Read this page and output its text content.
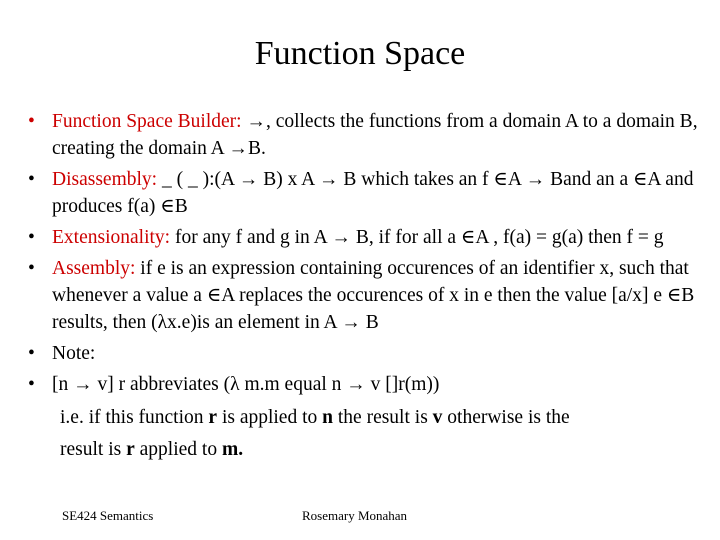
Function Space
• Function Space Builder: →, collects the functions from a domain A to a domain B, creating the domain A →B.
• Disassembly: _ ( _ ):(A → B) x A → B which takes an f ∈A → Band an a ∈A and produces f(a) ∈B
• Extensionality: for any f and g in A → B, if for all a ∈A , f(a) = g(a) then f = g
• Assembly: if e is an expression containing occurences of an identifier x, such that whenever a value a ∈A replaces the occurences of x in e then the value [a/x] e ∈B results, then (λx.e)is an element in A → B
• Note:
• [n → v] r abbreviates (λ m.m equal n → v []r(m))
i.e. if this function r is applied to n the result is v otherwise is the
result is r applied to m.
SE424 Semantics	Rosemary Monahan
